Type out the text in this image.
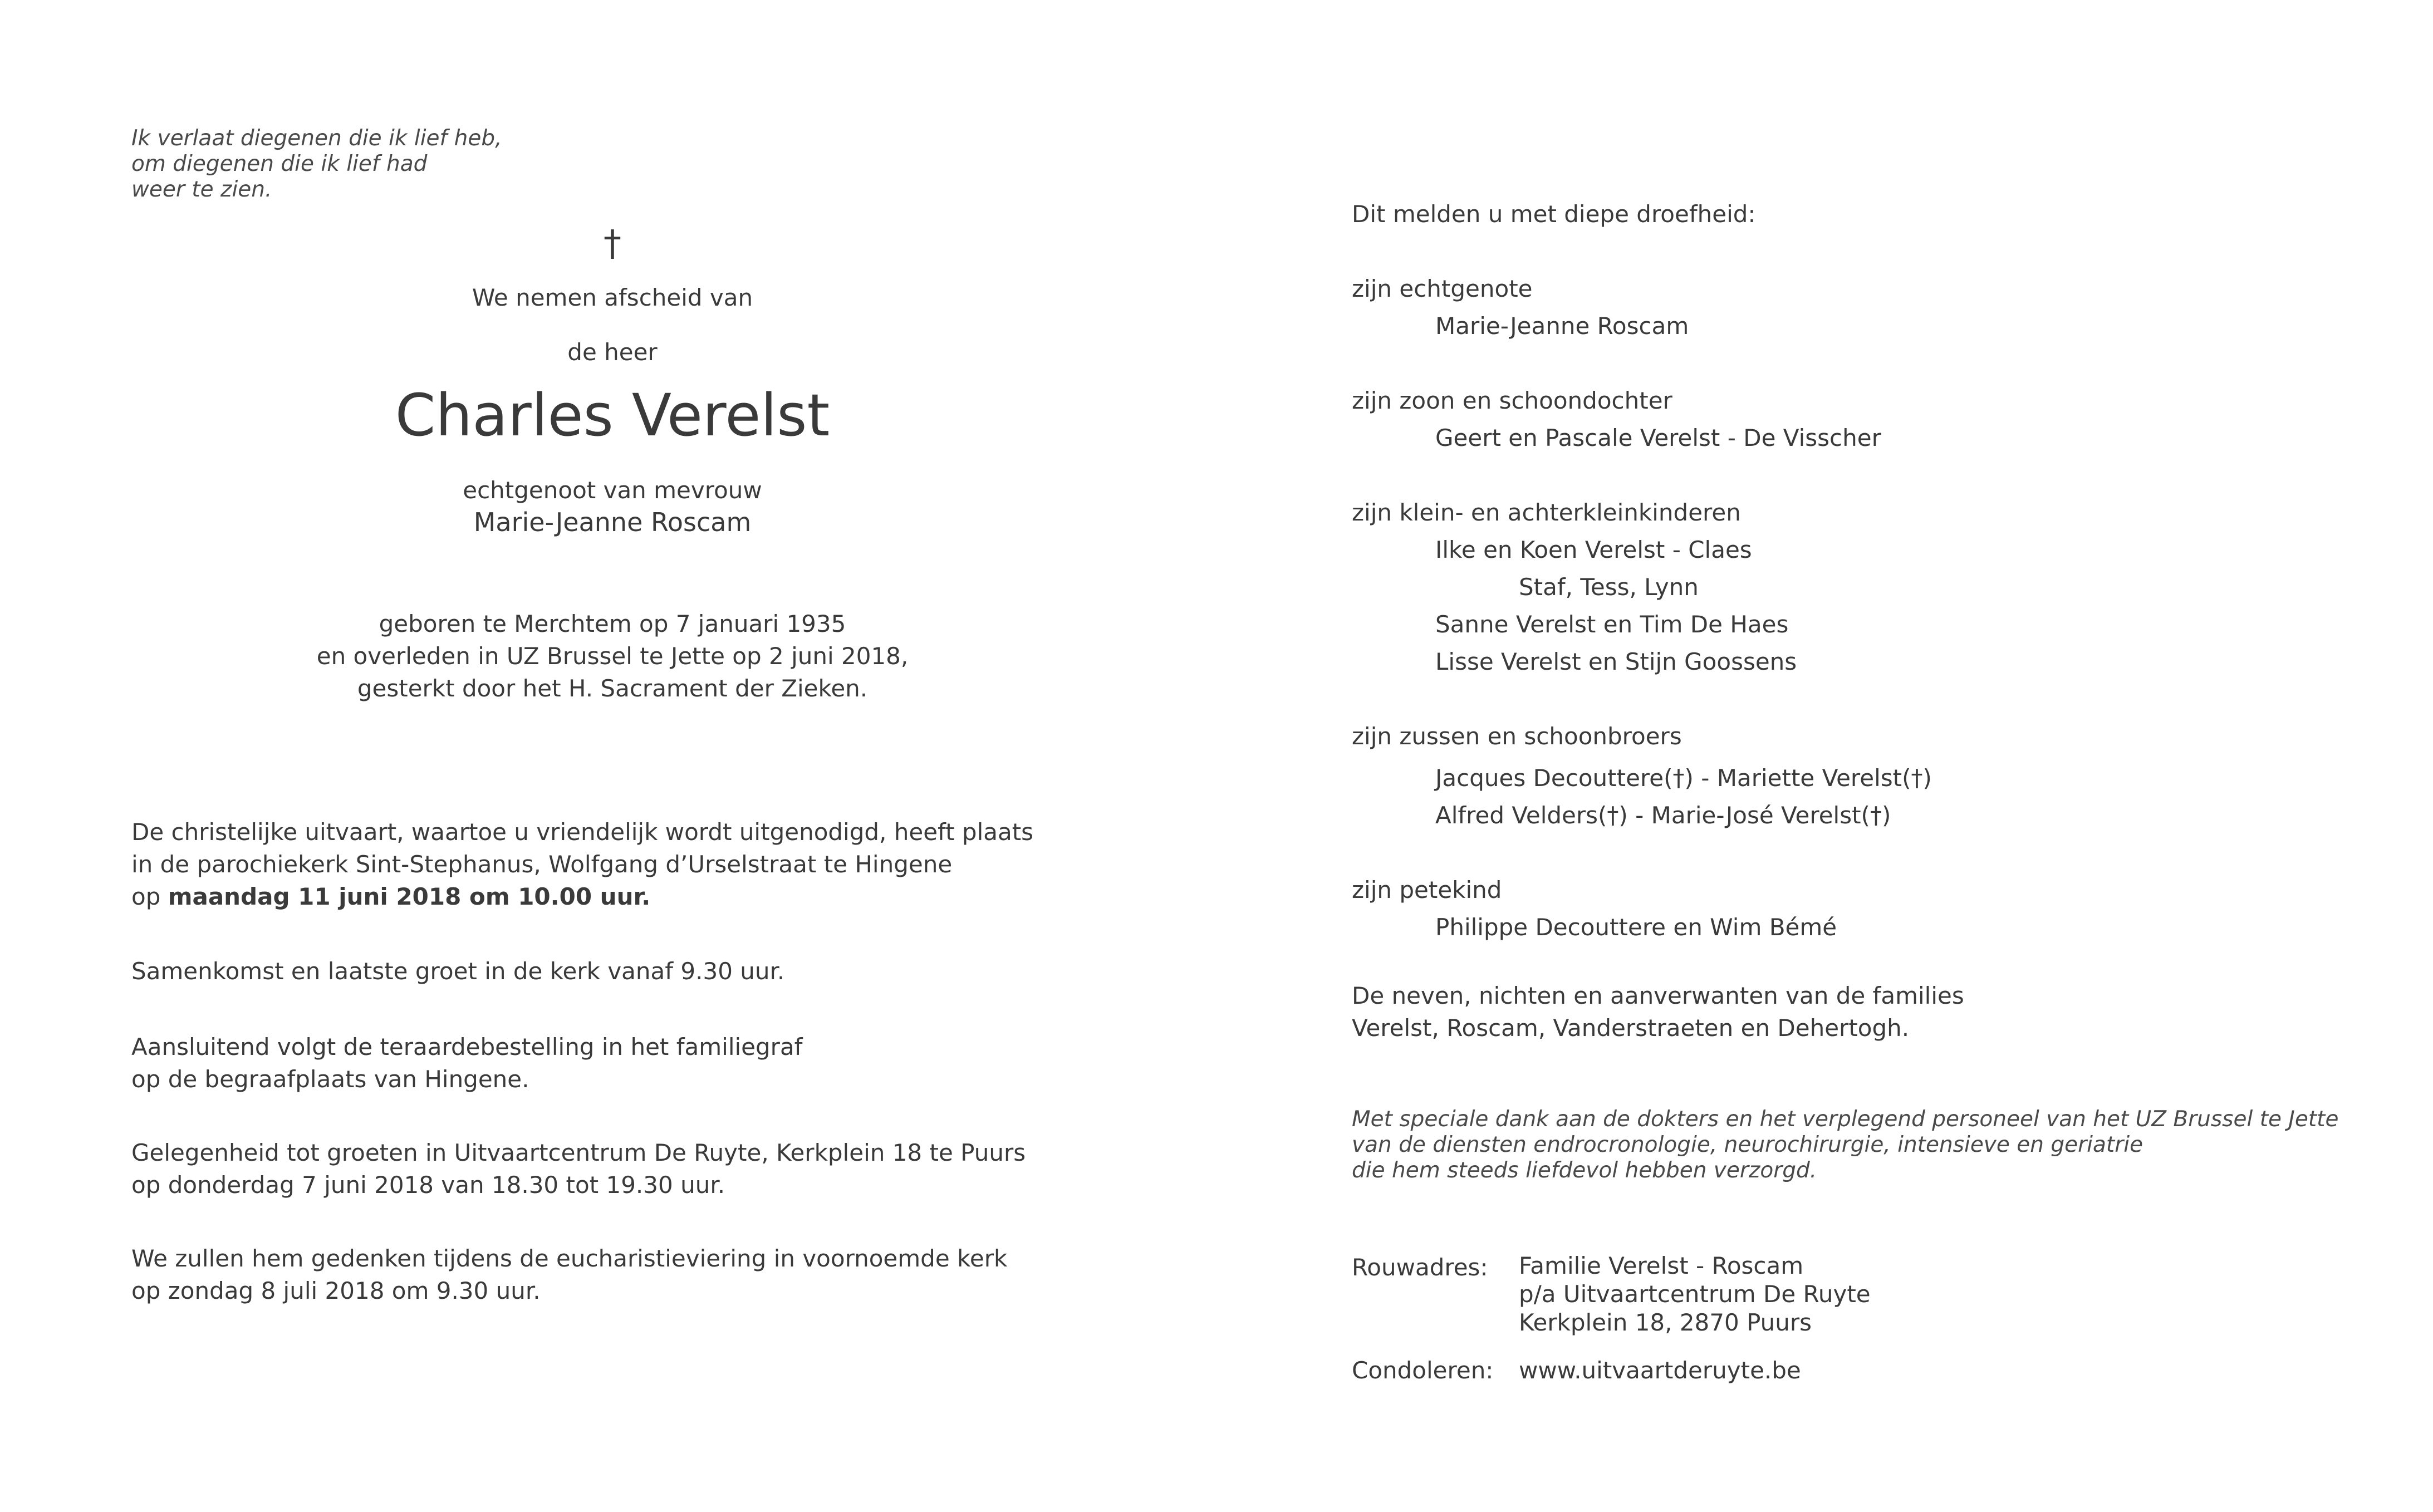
Ik verlaat diegenen die ik lief heb,
om diegenen die ik lief had
weer te zien.
†
We nemen afscheid van
de heer
Charles Verelst
echtgenoot van mevrouw
Marie-Jeanne Roscam
geboren te Merchtem op 7 januari 1935
en overleden in UZ Brussel te Jette op 2 juni 2018,
gesterkt door het H. Sacrament der Zieken.
De christelijke uitvaart, waartoe u vriendelijk wordt uitgenodigd, heeft plaats
in de parochiekerk Sint-Stephanus, Wolfgang d’Urselstraat te Hingene
op maandag 11 juni 2018 om 10.00 uur.
Samenkomst en laatste groet in de kerk vanaf 9.30 uur.
Aansluitend volgt de teraardebestelling in het familiegraf
op de begraafplaats van Hingene.
Gelegenheid tot groeten in Uitvaartcentrum De Ruyte, Kerkplein 18 te Puurs
op donderdag 7 juni 2018 van 18.30 tot 19.30 uur.
We zullen hem gedenken tijdens de eucharistieviering in voornoemde kerk
op zondag 8 juli 2018 om 9.30 uur.
Dit melden u met diepe droefheid:
zijn echtgenote
Marie-Jeanne Roscam
zijn zoon en schoondochter
Geert en Pascale Verelst - De Visscher
zijn klein- en achterkleinkinderen
Ilke en Koen Verelst - Claes
Staf, Tess, Lynn
Sanne Verelst en Tim De Haes
Lisse Verelst en Stijn Goossens
zijn zussen en schoonbroers
Jacques Decouttere(†) - Mariette Verelst(†)
Alfred Velders(†) - Marie-José Verelst(†)
zijn petekind
Philippe Decouttere en Wim Bémé
De neven, nichten en aanverwanten van de families
Verelst, Roscam, Vanderstraeten en Dehertogh.
Met speciale dank aan de dokters en het verplegend personeel van het UZ Brussel te Jette
van de diensten endrocronologie, neurochirurgie, intensieve en geriatrie
die hem steeds liefdevol hebben verzorgd.
Rouwadres: Familie Verelst - Roscam
p/a Uitvaartcentrum De Ruyte
Kerkplein 18, 2870 Puurs
Condoleren: www.uitvaartderuyte.be
